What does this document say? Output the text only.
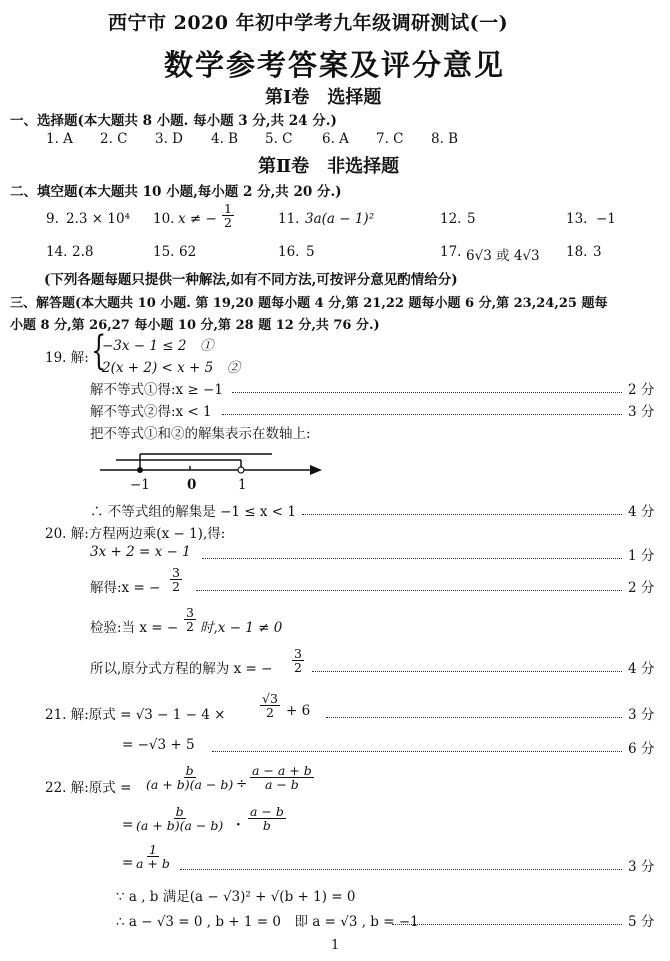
西宁市 2020 年初中学考九年级调研测试(一)
数学参考答案及评分意见
第Ⅰ卷　选择题
一、选择题(本大题共 8 小题. 每小题 3 分,共 24 分.)
1. A 2. C 3. D 4. B 5. C 6. A 7. C 8. B
第Ⅱ卷　非选择题
二、填空题(本大题共 10 小题,每小题 2 分,共 20 分.)
9. 2.3 × 10⁴ 10. x ≠ − $\frac{1}{2}$	11. 3a(a − 1)²	12. 5	13. −1
14. 2.8	15. 62	16. 5	17. 6√3 或 4√3 18. 3
(下列各题每题只提供一种解法,如有不同方法,可按评分意见酌情给分)
三、解答题(本大题共 10 小题. 第 19,20 题每小题 4 分,第 21,22 题每小题 6 分,第 23,24,25 题每
小题 8 分,第 26,27 每小题 10 分,第 28 题 12 分,共 76 分.)
19. 解: {
−3x − 1 ≤ 2　①
2(x + 2) < x + 5　②
解不等式①得:x ≥ −1	2 分
解不等式②得:x < 1	3 分
把不等式①和②的解集表示在数轴上:
−1	0	1
∴ 不等式组的解集是 −1 ≤ x < 1	4 分
20. 解:方程两边乘(x − 1),得:
3x + 2 = x − 1	1 分
解得:x = − $\frac{3}{2}$	2 分
检验:当 x = − $\frac{3}{2}$ 时,x − 1 ≠ 0
所以,原分式方程的解为 x = − $\frac{3}{2}$	4 分
21. 解:原式 = √3 − 1 − 4 ×	$\frac{√3}{2} + 6$	3 分
= −√3 + 5	6 分
22. 解:原式 = $\frac{b}{(a + b)(a - b)} \div \frac{a - a + b}{a - b}$
= $\frac{b}{(a + b)(a - b)} \cdot \frac{a - b}{b}$
= $\frac{1}{a + b}$	3 分
∵ a , b 满足(a − √3)² + √(b + 1) = 0
∴ a − √3 = 0 , b + 1 = 0　即 a = √3 , b = −1	5 分
1
